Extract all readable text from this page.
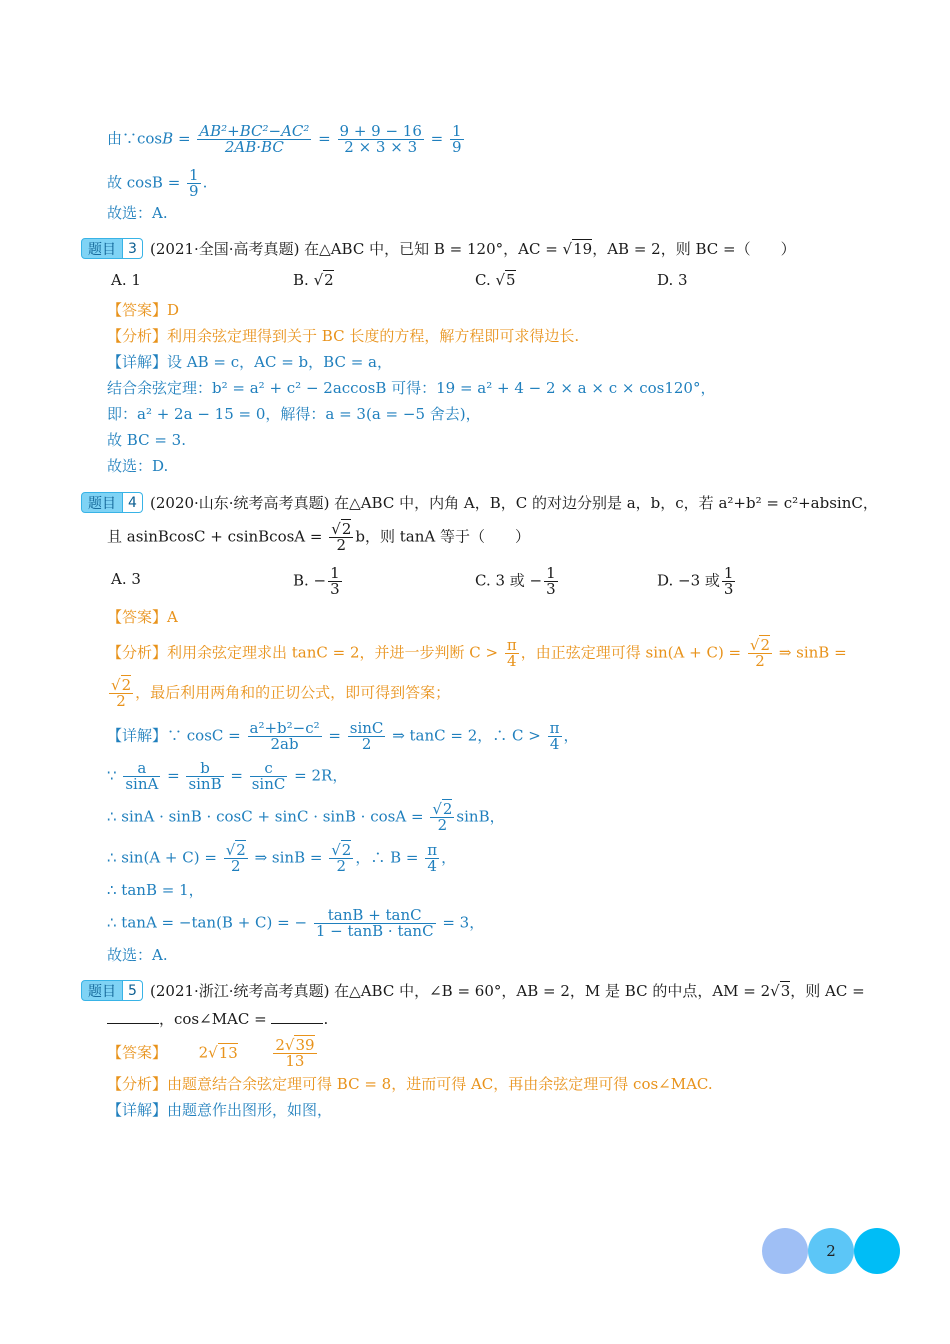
由∵cosB = $\frac{\text{AB²+BC²−AC²}}{2AB\cdot BC} = \frac{9 + 9 - 16}{2 \times 3 \times 3} = \frac{1}{9}$
故 $\cos B = \frac{1}{9}$ .
故选：A.
题目 3 (2021·全国·高考真题) 在△ABC 中，已知 B = 120°，AC = √19，AB = 2，则 BC =（　　）
A. 1	B. √2	C. √5	D. 3
【答案】D
【分析】利用余弦定理得到关于 BC 长度的方程，解方程即可求得边长.
【详解】设 AB = c，AC = b，BC = a，
结合余弦定理：b² = a² + c² − 2accosB 可得：19 = a² + 4 − 2 × a × c × cos120°，
即：a² + 2a − 15 = 0，解得：a = 3(a = −5 舍去)，
故 BC = 3.
故选：D.
题目 4 (2020·山东·统考高考真题) 在△ABC 中，内角 A，B，C 的对边分别是 a，b，c，若 a²+b² = c²+absinC，
且 asinBcosC + csinBcosA = $\frac{√2}{2}$ b，则 tanA 等于（　　）
A. 3	B. − $\frac{1}{3}$	C. 3 或 − $\frac{1}{3}$	D. −3 或 $\frac{1}{3}$
【答案】A
【分析】利用余弦定理求出 tanC = 2，并进一步判断 $C > \frac{\pi}{4}$ ，由正弦定理可得 $\sin(A + C) = \frac{√2}{2}$ ⇒ sinB =
$\frac{√2}{2}$ ，最后利用两角和的正切公式，即可得到答案；
【详解】∵ $\cos C = \frac{\text{a²+b²−c²}}{2ab} = \frac{\sin C}{2}$ ⇒ tanC = 2，∴ $C > \frac{\pi}{4}$ ，
∵ $\frac{a}{\sin A} = \frac{b}{\sin B} = \frac{c}{\sin C} = 2R$，
∴ $\sin A \cdot \sin B \cdot \cos C + \sin C \cdot \sin B \cdot \cos A = \frac{√2}{2}$ sinB，
∴ $\sin(A + C) = \frac{√2}{2}$ ⇒ $\sin B = \frac{√2}{2}$ ，∴ $B = \frac{\pi}{4}$ ，
∴ tanB = 1，
∴ tanA = −tan(B + C) = − $\frac{\tan B + \tan C}{1 - \tan B \cdot \tan C} = 3$，
故选：A.
题目 5 (2021·浙江·统考高考真题) 在△ABC 中，∠B = 60°，AB = 2，M 是 BC 的中点，AM = 2√3，则 AC =
，cos∠MAC =	.
【答案】 $2√13 \frac{2√39}{13}$
【分析】由题意结合余弦定理可得 BC = 8，进而可得 AC，再由余弦定理可得 cos∠MAC.
【详解】由题意作出图形，如图，
2
